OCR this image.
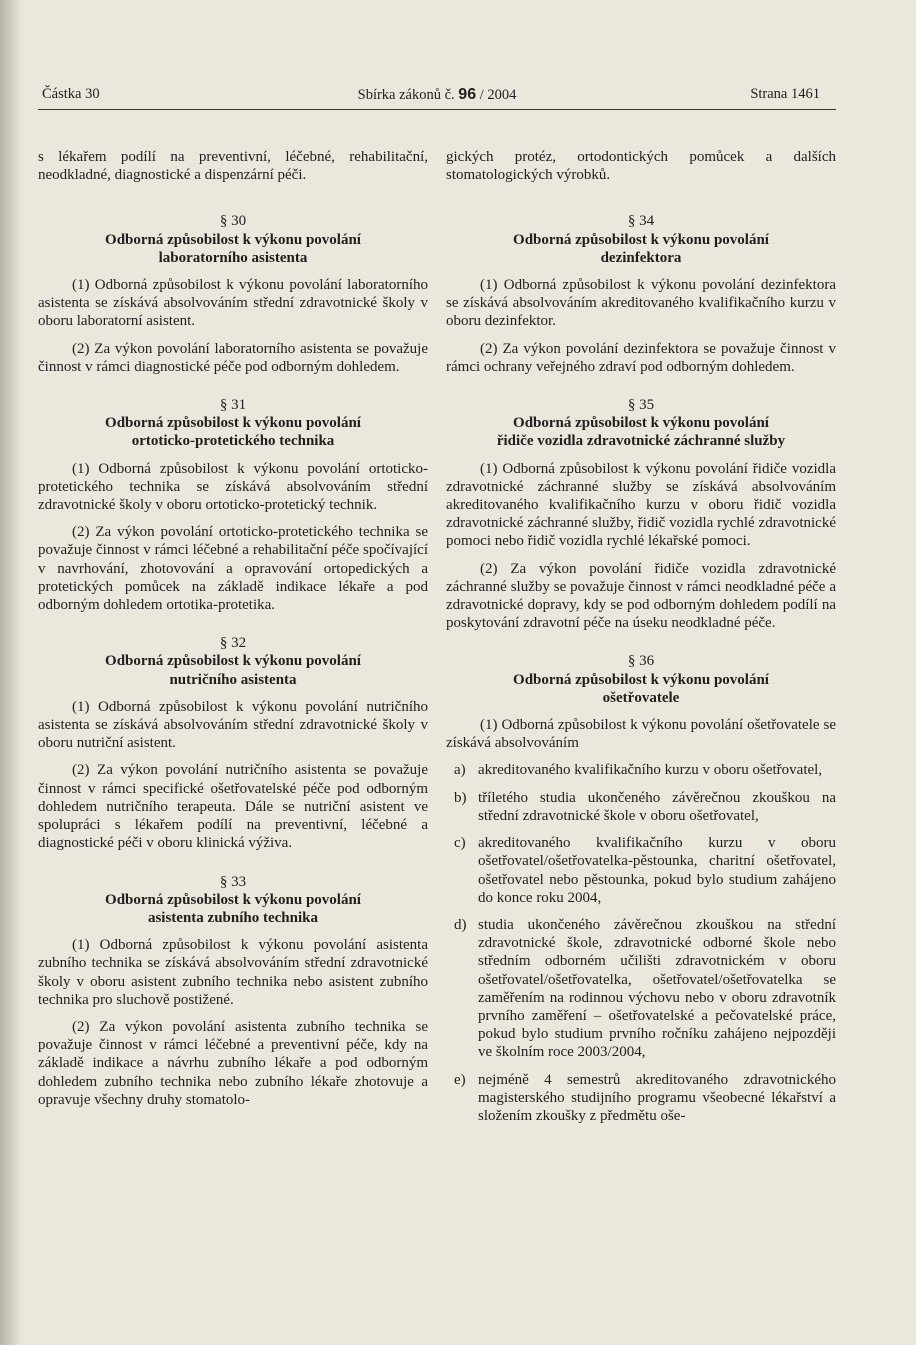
Částka 30	Sbírka zákonů č. 96 / 2004	Strana 1461

s lékařem podílí na preventivní, léčebné, rehabilitační, neodkladné, diagnostické a dispenzární péči.

§ 30
Odborná způsobilost k výkonu povolání
laboratorního asistenta

(1) Odborná způsobilost k výkonu povolání laboratorního asistenta se získává absolvováním střední zdravotnické školy v oboru laboratorní asistent.

(2) Za výkon povolání laboratorního asistenta se považuje činnost v rámci diagnostické péče pod odborným dohledem.

§ 31
Odborná způsobilost k výkonu povolání
ortoticko-protetického technika

(1) Odborná způsobilost k výkonu povolání ortoticko-protetického technika se získává absolvováním střední zdravotnické školy v oboru ortoticko-protetický technik.

(2) Za výkon povolání ortoticko-protetického technika se považuje činnost v rámci léčebné a rehabilitační péče spočívající v navrhování, zhotovování a opravování ortopedických a protetických pomůcek na základě indikace lékaře a pod odborným dohledem ortotika-protetika.

§ 32
Odborná způsobilost k výkonu povolání
nutričního asistenta

(1) Odborná způsobilost k výkonu povolání nutričního asistenta se získává absolvováním střední zdravotnické školy v oboru nutriční asistent.

(2) Za výkon povolání nutričního asistenta se považuje činnost v rámci specifické ošetřovatelské péče pod odborným dohledem nutričního terapeuta. Dále se nutriční asistent ve spolupráci s lékařem podílí na preventivní, léčebné a diagnostické péči v oboru klinická výživa.

§ 33
Odborná způsobilost k výkonu povolání
asistenta zubního technika

(1) Odborná způsobilost k výkonu povolání asistenta zubního technika se získává absolvováním střední zdravotnické školy v oboru asistent zubního technika nebo asistent zubního technika pro sluchově postižené.

(2) Za výkon povolání asistenta zubního technika se považuje činnost v rámci léčebné a preventivní péče, kdy na základě indikace a návrhu zubního lékaře a pod odborným dohledem zubního technika nebo zubního lékaře zhotovuje a opravuje všechny druhy stomatolo-

gických protéz, ortodontických pomůcek a dalších stomatologických výrobků.

§ 34
Odborná způsobilost k výkonu povolání
dezinfektora

(1) Odborná způsobilost k výkonu povolání dezinfektora se získává absolvováním akreditovaného kvalifikačního kurzu v oboru dezinfektor.

(2) Za výkon povolání dezinfektora se považuje činnost v rámci ochrany veřejného zdraví pod odborným dohledem.

§ 35
Odborná způsobilost k výkonu povolání
řidiče vozidla zdravotnické záchranné služby

(1) Odborná způsobilost k výkonu povolání řidiče vozidla zdravotnické záchranné služby se získává absolvováním akreditovaného kvalifikačního kurzu v oboru řidič vozidla zdravotnické záchranné služby, řidič vozidla rychlé zdravotnické pomoci nebo řidič vozidla rychlé lékařské pomoci.

(2) Za výkon povolání řidiče vozidla zdravotnické záchranné služby se považuje činnost v rámci neodkladné péče a zdravotnické dopravy, kdy se pod odborným dohledem podílí na poskytování zdravotní péče na úseku neodkladné péče.

§ 36
Odborná způsobilost k výkonu povolání
ošetřovatele

(1) Odborná způsobilost k výkonu povolání ošetřovatele se získává absolvováním

a) akreditovaného kvalifikačního kurzu v oboru ošetřovatel,
b) tříletého studia ukončeného závěrečnou zkouškou na střední zdravotnické škole v oboru ošetřovatel,
c) akreditovaného kvalifikačního kurzu v oboru ošetřovatel/ošetřovatelka-pěstounka, charitní ošetřovatel, ošetřovatel nebo pěstounka, pokud bylo studium zahájeno do konce roku 2004,
d) studia ukončeného závěrečnou zkouškou na střední zdravotnické škole, zdravotnické odborné škole nebo středním odborném učilišti zdravotnickém v oboru ošetřovatel/ošetřovatelka, ošetřovatel/ošetřovatelka se zaměřením na rodinnou výchovu nebo v oboru zdravotník prvního zaměření – ošetřovatelské a pečovatelské práce, pokud bylo studium prvního ročníku zahájeno nejpozději ve školním roce 2003/2004,
e) nejméně 4 semestrů akreditovaného zdravotnického magisterského studijního programu všeobecné lékařství a složením zkoušky z předmětu oše-
